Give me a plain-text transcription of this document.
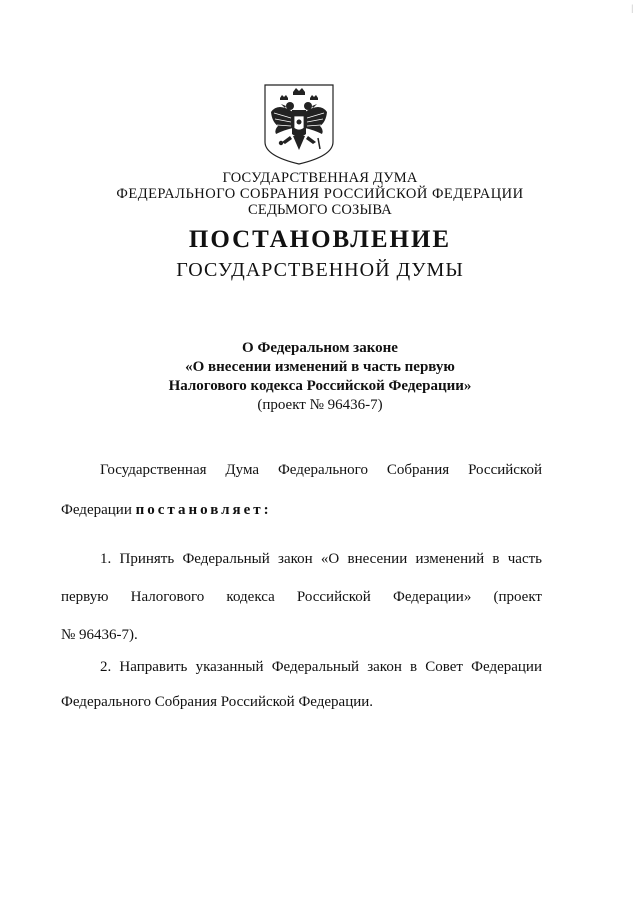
|
ГОСУДАРСТВЕННАЯ ДУМА
ФЕДЕРАЛЬНОГО СОБРАНИЯ РОССИЙСКОЙ ФЕДЕРАЦИИ
СЕДЬМОГО СОЗЫВА
ПОСТАНОВЛЕНИЕ
ГОСУДАРСТВЕННОЙ ДУМЫ
О Федеральном законе
«О внесении изменений в часть первую
Налогового кодекса Российской Федерации»
(проект № 96436-7)
Государственная Дума Федерального Собрания Российской
Федерации постановляет:
1. Принять Федеральный закон «О внесении изменений в часть
первую Налогового кодекса Российской Федерации» (проект
№ 96436-7).
2. Направить указанный Федеральный закон в Совет Федерации
Федерального Собрания Российской Федерации.
